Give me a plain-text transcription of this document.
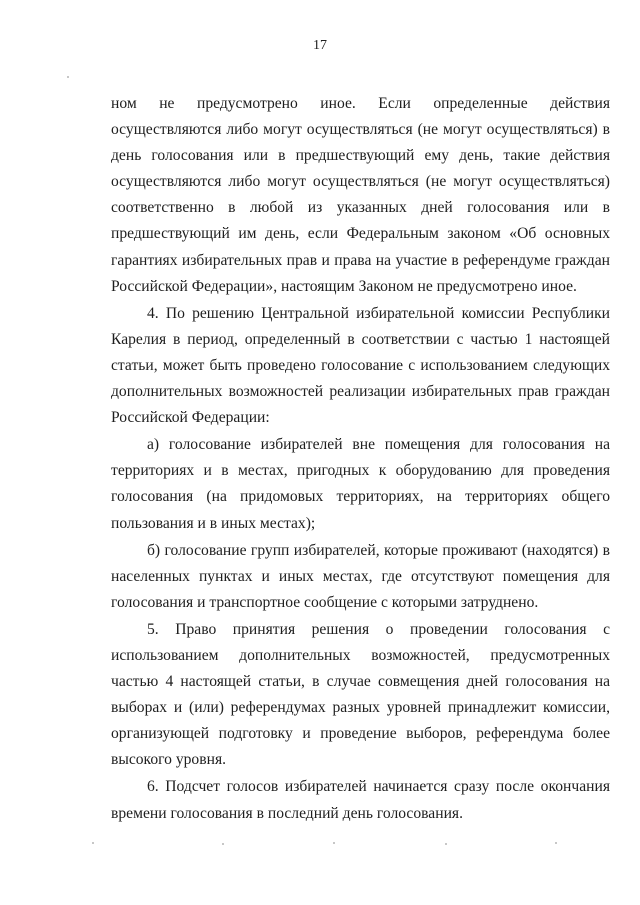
17

ном не предусмотрено иное. Если определенные действия осуществляются либо могут осуществляться (не могут осуществляться) в день голосования или в предшествующий ему день, такие действия осуществляются либо могут осуществляться (не могут осуществляться) соответственно в любой из указанных дней голосования или в предшествующий им день, если Федеральным законом «Об основных гарантиях избирательных прав и права на участие в референдуме граждан Российской Федерации», настоящим Законом не предусмотрено иное.

4. По решению Центральной избирательной комиссии Республики Карелия в период, определенный в соответствии с частью 1 настоящей статьи, может быть проведено голосование с использованием следующих дополнительных возможностей реализации избирательных прав граждан Российской Федерации:

а) голосование избирателей вне помещения для голосования на территориях и в местах, пригодных к оборудованию для проведения голосования (на придомовых территориях, на территориях общего пользования и в иных местах);

б) голосование групп избирателей, которые проживают (находятся) в населенных пунктах и иных местах, где отсутствуют помещения для голосования и транспортное сообщение с которыми затруднено.

5. Право принятия решения о проведении голосования с использованием дополнительных возможностей, предусмотренных частью 4 настоящей статьи, в случае совмещения дней голосования на выборах и (или) референдумах разных уровней принадлежит комиссии, организующей подготовку и проведение выборов, референдума более высокого уровня.

6. Подсчет голосов избирателей начинается сразу после окончания времени голосования в последний день голосования.
